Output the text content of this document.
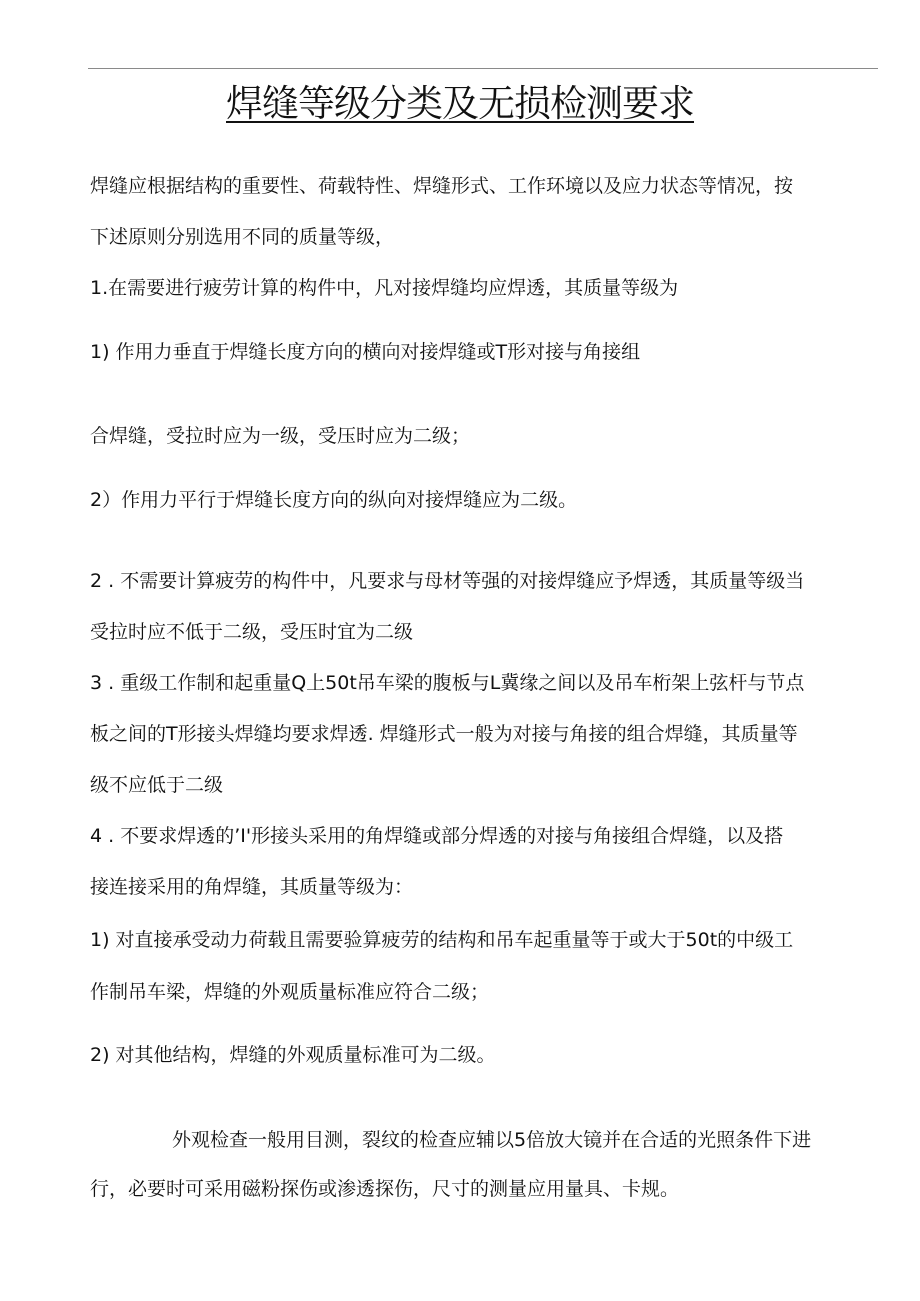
焊缝等级分类及无损检测要求
焊缝应根据结构的重要性、荷载特性、焊缝形式、工作环境以及应力状态等情况，按
下述原则分别选用不同的质量等级，
1.在需要进行疲劳计算的构件中，凡对接焊缝均应焊透，其质量等级为
1) 作用力垂直于焊缝长度方向的横向对接焊缝或T形对接与角接组
合焊缝，受拉时应为一级，受压时应为二级；
2）作用力平行于焊缝长度方向的纵向对接焊缝应为二级。
2 . 不需要计算疲劳的构件中，凡要求与母材等强的对接焊缝应予焊透，其质量等级当
受拉时应不低于二级，受压时宜为二级
3 . 重级工作制和起重量Q上50t吊车梁的腹板与L冀缘之间以及吊车桁架上弦杆与节点
板之间的T形接头焊缝均要求焊透. 焊缝形式一般为对接与角接的组合焊缝，其质量等
级不应低于二级
4 . 不要求焊透的’I'形接头采用的角焊缝或部分焊透的对接与角接组合焊缝，以及搭
接连接采用的角焊缝，其质量等级为：
1) 对直接承受动力荷载且需要验算疲劳的结构和吊车起重量等于或大于50t的中级工
作制吊车梁，焊缝的外观质量标准应符合二级；
2) 对其他结构，焊缝的外观质量标准可为二级。
外观检查一般用目测，裂纹的检查应辅以5倍放大镜并在合适的光照条件下进
行，必要时可采用磁粉探伤或渗透探伤，尺寸的测量应用量具、卡规。
